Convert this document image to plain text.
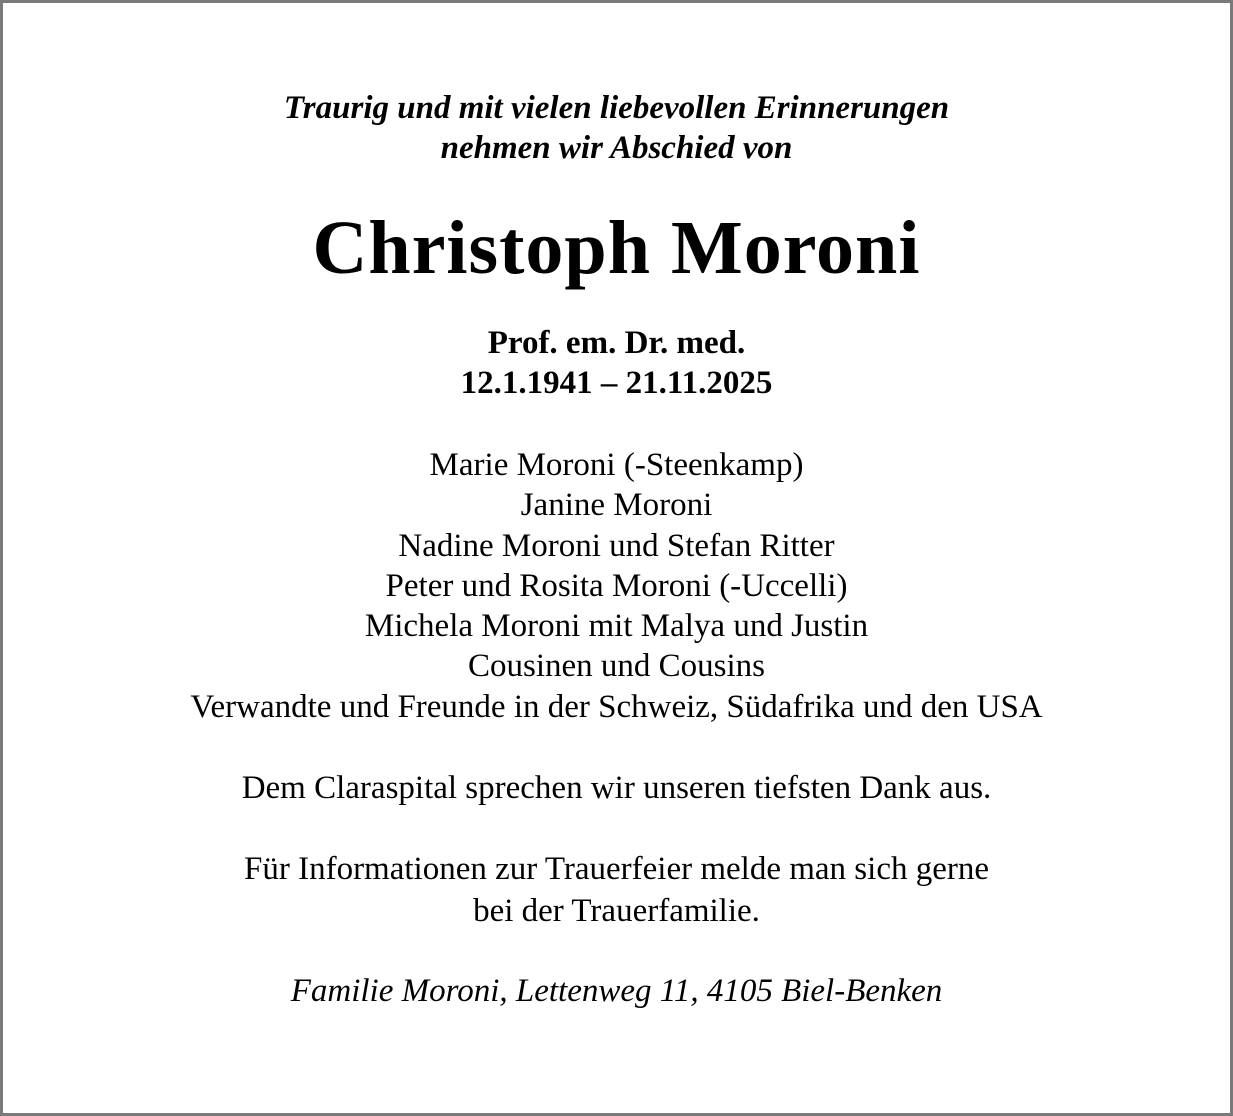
Traurig und mit vielen liebevollen Erinnerungen
nehmen wir Abschied von
Christoph Moroni
Prof. em. Dr. med.
12.1.1941 – 21.11.2025
Marie Moroni (-Steenkamp)
Janine Moroni
Nadine Moroni und Stefan Ritter
Peter und Rosita Moroni (-Uccelli)
Michela Moroni mit Malya und Justin
Cousinen und Cousins
Verwandte und Freunde in der Schweiz, Südafrika und den USA
Dem Claraspital sprechen wir unseren tiefsten Dank aus.
Für Informationen zur Trauerfeier melde man sich gerne
bei der Trauerfamilie.
Familie Moroni, Lettenweg 11, 4105 Biel-Benken
